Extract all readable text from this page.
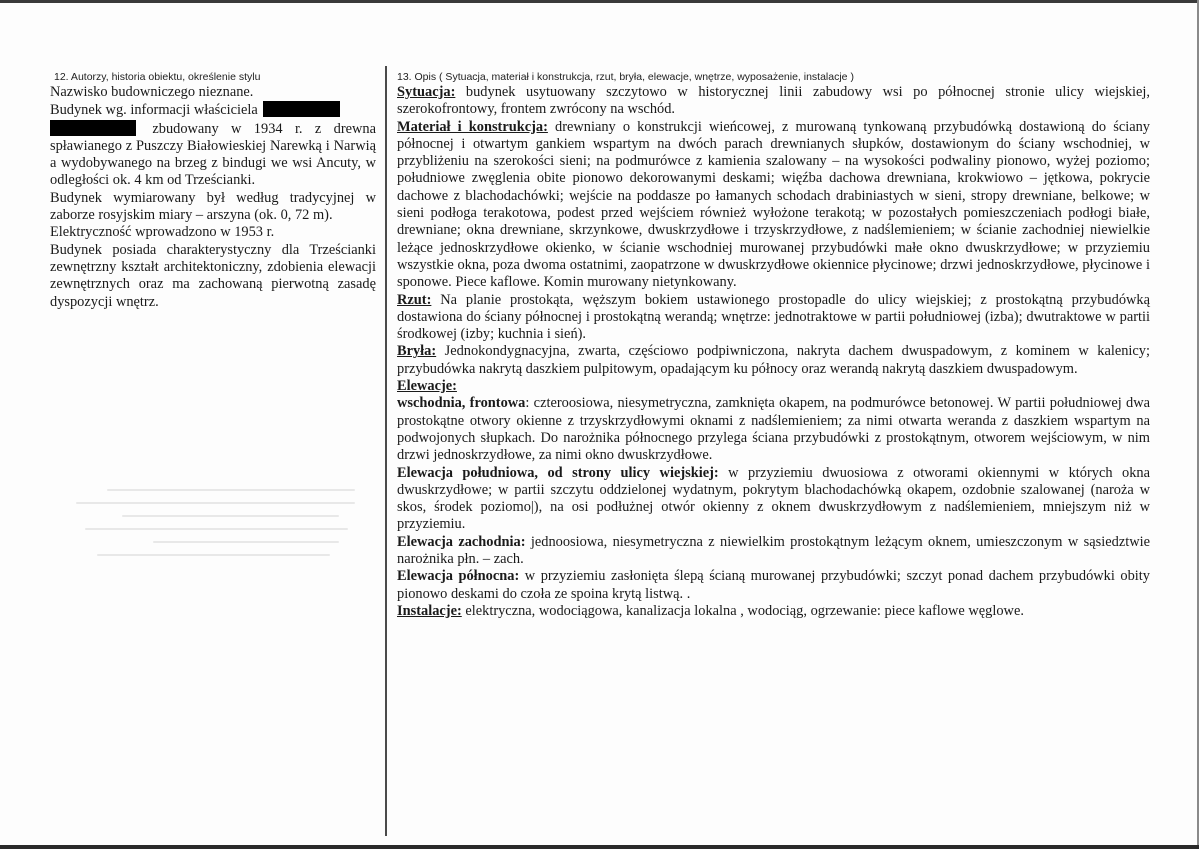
12. Autorzy, historia obiektu, określenie stylu

Nazwisko budowniczego nieznane.

Budynek wg. informacji właściciela
zbudowany w 1934 r. z drewna spławianego z Puszczy Białowieskiej Narewką i Narwią a wydobywanego na brzeg z bindugi we wsi Ancuty, w odległości ok. 4 km od Trześcianki.

Budynek wymiarowany był według tradycyjnej w zaborze rosyjskim miary – arszyna (ok. 0, 72 m).

Elektryczność wprowadzono w 1953 r.

Budynek posiada charakterystyczny dla Trześcianki zewnętrzny kształt architektoniczny, zdobienia elewacji zewnętrznych oraz ma zachowaną pierwotną zasadę dyspozycji wnętrz.

13. Opis ( Sytuacja, materiał i konstrukcja, rzut, bryła, elewacje, wnętrze, wyposażenie, instalacje )

Sytuacja: budynek usytuowany szczytowo w historycznej linii zabudowy wsi po północnej stronie ulicy wiejskiej, szerokofrontowy, frontem zwrócony na wschód.

Materiał i konstrukcja: drewniany o konstrukcji wieńcowej, z murowaną tynkowaną przybudówką dostawioną do ściany północnej i otwartym gankiem wspartym na dwóch parach drewnianych słupków, dostawionym do ściany wschodniej, w przybliżeniu na szerokości sieni; na podmurówce z kamienia szalowany – na wysokości podwaliny pionowo, wyżej poziomo; południowe zwęglenia obite pionowo dekorowanymi deskami; więźba dachowa drewniana, krokwiowo – jętkowa, pokrycie dachowe z blachodachówki; wejście na poddasze po łamanych schodach drabiniastych w sieni, stropy drewniane, belkowe; w sieni podłoga terakotowa, podest przed wejściem również wyłożone terakotą; w pozostałych pomieszczeniach podłogi białe, drewniane; okna drewniane, skrzynkowe, dwuskrzydłowe i trzyskrzydłowe, z nadślemieniem; w ścianie zachodniej niewielkie leżące jednoskrzydłowe okienko, w ścianie wschodniej murowanej przybudówki małe okno dwuskrzydłowe; w przyziemiu wszystkie okna, poza dwoma ostatnimi, zaopatrzone w dwuskrzydłowe okiennice płycinowe; drzwi jednoskrzydłowe, płycinowe i sponowe. Piece kaflowe. Komin murowany nietynkowany.

Rzut: Na planie prostokąta, węższym bokiem ustawionego prostopadle do ulicy wiejskiej; z prostokątną przybudówką dostawiona do ściany północnej i prostokątną werandą; wnętrze: jednotraktowe w partii południowej (izba); dwutraktowe w partii środkowej (izby; kuchnia i sień).

Bryła: Jednokondygnacyjna, zwarta, częściowo podpiwniczona, nakryta dachem dwuspadowym, z kominem w kalenicy; przybudówka nakrytą daszkiem pulpitowym, opadającym ku północy oraz werandą nakrytą daszkiem dwuspadowym.

Elewacje:

wschodnia, frontowa: czteroosiowa, niesymetryczna, zamknięta okapem, na podmurówce betonowej. W partii południowej dwa prostokątne otwory okienne z trzyskrzydłowymi oknami z nadślemieniem; za nimi otwarta weranda z daszkiem wspartym na podwojonych słupkach. Do narożnika północnego przylega ściana przybudówki z prostokątnym, otworem wejściowym, w nim drzwi jednoskrzydłowe, za nimi okno dwuskrzydłowe.

Elewacja południowa, od strony ulicy wiejskiej: w przyziemiu dwuosiowa z otworami okiennymi w których okna dwuskrzydłowe; w partii szczytu oddzielonej wydatnym, pokrytym blachodachówką okapem, ozdobnie szalowanej (naroża w skos, środek poziomo|), na osi podłużnej otwór okienny z oknem dwuskrzydłowym z nadślemieniem, mniejszym niż w przyziemiu.

Elewacja zachodnia: jednoosiowa, niesymetryczna z niewielkim prostokątnym leżącym oknem, umieszczonym w sąsiedztwie narożnika płn. – zach.

Elewacja północna: w przyziemiu zasłonięta ślepą ścianą murowanej przybudówki; szczyt ponad dachem przybudówki obity pionowo deskami do czoła ze spoina krytą listwą. .

Instalacje: elektryczna, wodociągowa, kanalizacja lokalna , wodociąg, ogrzewanie: piece kaflowe węglowe.
